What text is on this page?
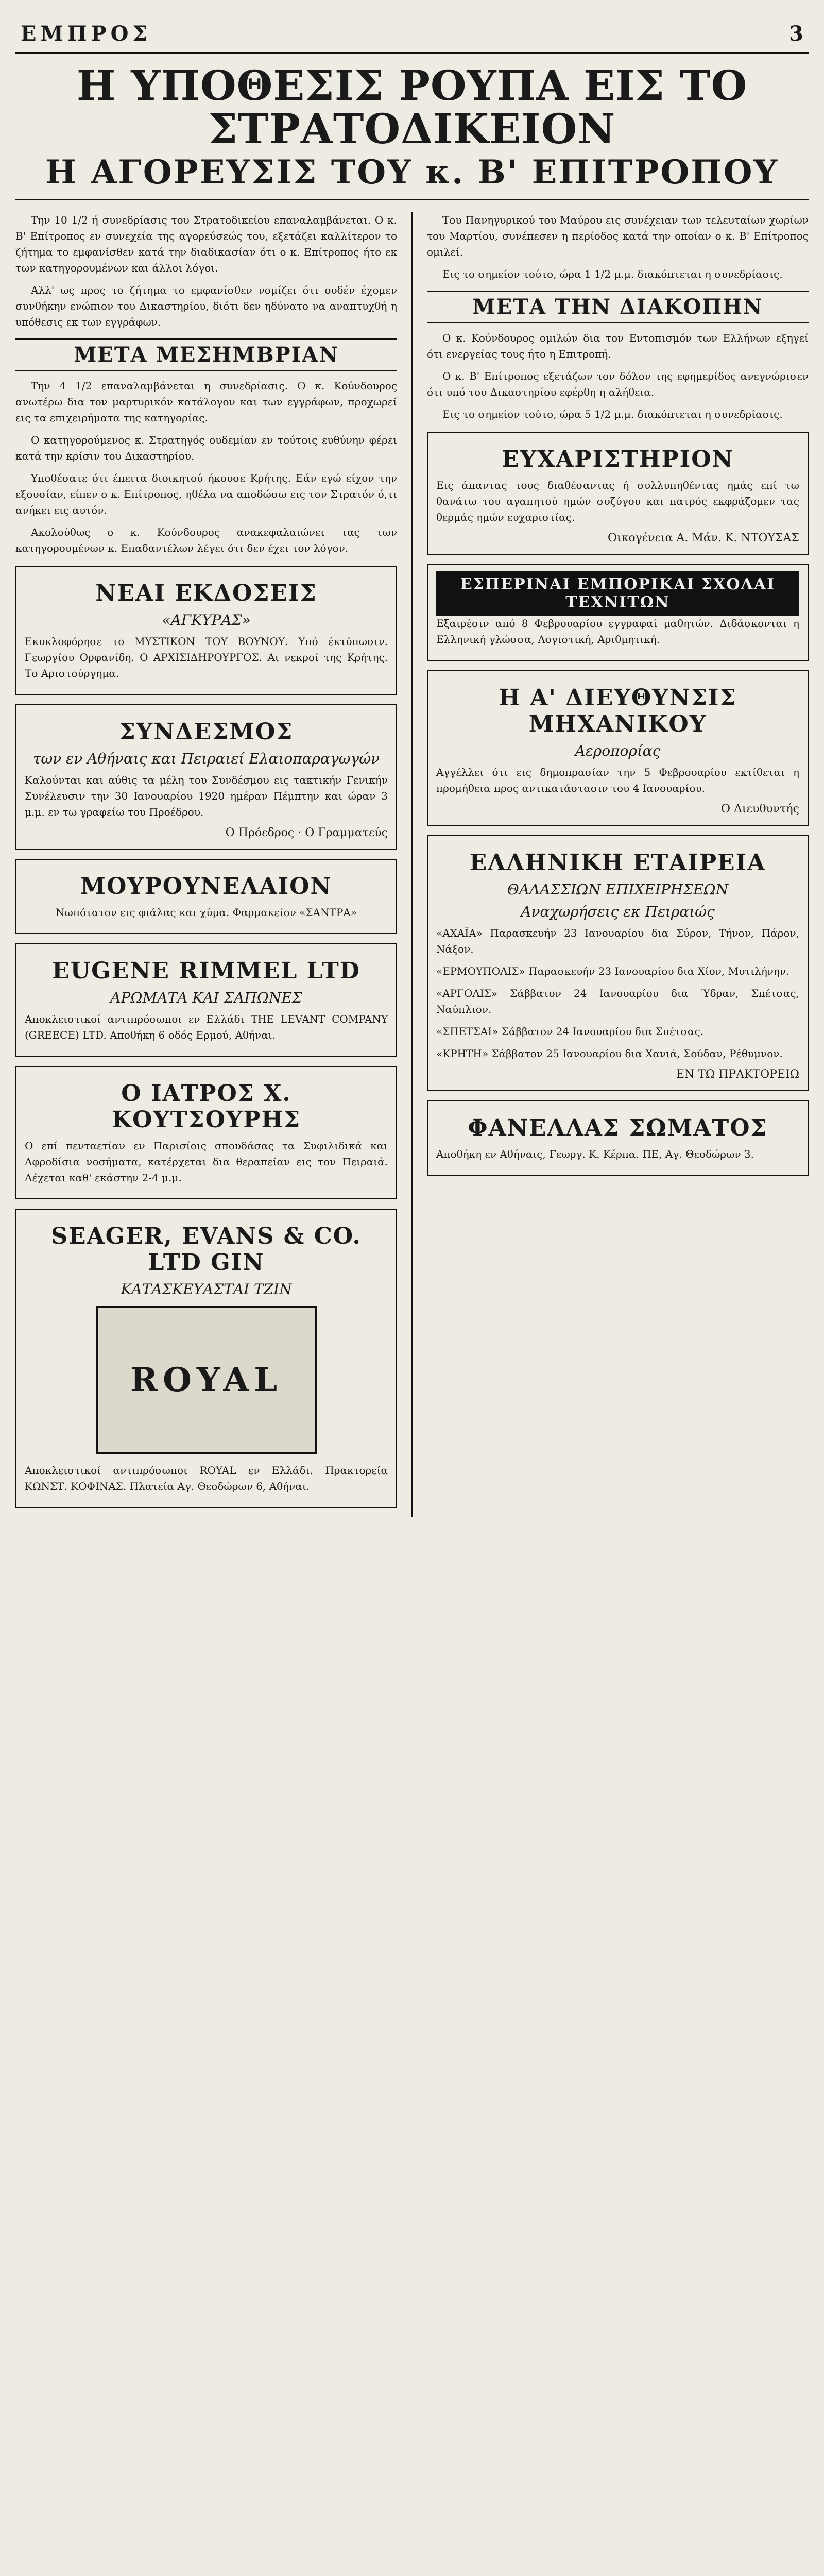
ΕΜΠΡΟΣ	3
Η ΥΠΟΘΕΣΙΣ ΡΟΥΠΑ ΕΙΣ ΤΟ ΣΤΡΑΤΟΔΙΚΕΙΟΝ
Η ΑΓΟΡΕΥΣΙΣ ΤΟΥ κ. Β' ΕΠΙΤΡΟΠΟΥ

Την 10 1/2 ή συνεδρίασις του Στρατοδικείου επαναλαμβάνεται. Ο κ. Β' Επίτροπος εν συνεχεία της αγορεύσεώς του, εξετάζει καλλίτερον το ζήτημα το εμφανίσθεν κατά την διαδικασίαν ότι ο κ. Επίτροπος ήτο εκ των κατηγορουμένων και άλλοι λόγοι.

Αλλ' ως προς το ζήτημα το εμφανίσθεν νομίζει ότι ουδέν έχομεν συνθήκην ενώπιον του Δικαστηρίου, διότι δεν ηδύνατο να αναπτυχθή η υπόθεσις εκ των εγγράφων.

ΜΕΤΑ ΜΕΣΗΜΒΡΙΑΝ

Την 4 1/2 επαναλαμβάνεται η συνεδρίασις. Ο κ. Κούνδουρος ανωτέρω δια τον μαρτυρικόν κατάλογον και των εγγράφων, προχωρεί εις τα επιχειρήματα της κατηγορίας.

Ο κατηγορούμενος κ. Στρατηγός ουδεμίαν εν τούτοις ευθύνην φέρει κατά την κρίσιν του Δικαστηρίου.

Υποθέσατε ότι έπειτα διοικητού ήκουσε Κρήτης. Εάν εγώ είχον την εξουσίαν, είπεν ο κ. Επίτροπος, ηθέλα να αποδώσω εις τον Στρατόν ό,τι ανήκει εις αυτόν.

Ακολούθως ο κ. Κούνδουρος ανακεφαλαιώνει τας των κατηγορουμένων κ. Επαδαντέλων λέγει ότι δεν έχει τον λόγον.

ΝΕΑΙ ΕΚΔΟΣΕΙΣ
«ΑΓΚΥΡΑΣ»

Εκυκλοφόρησε το ΜΥΣΤΙΚΟΝ ΤΟΥ ΒΟΥΝΟΥ. Υπό έκτύπωσιν. Γεωργίου Ορφανίδη. Ο ΑΡΧΙΣΙΔΗΡΟΥΡΓΟΣ. Αι νεκροί της Κρήτης. Το Αριστούργημα.

ΣΥΝΔΕΣΜΟΣ
των εν Αθήναις και Πειραιεί Ελαιοπαραγωγών

Καλούνται και αύθις τα μέλη του Συνδέσμου εις τακτικήν Γενικήν Συνέλευσιν την 30 Ιανουαρίου 1920 ημέραν Πέμπτην και ώραν 3 μ.μ. εν τω γραφείω του Προέδρου.

Ο Πρόεδρος · Ο Γραμματεύς
ΜΟΥΡΟΥΝΕΛΑΙΟΝ

Νωπότατον εις φιάλας και χύμα. Φαρμακείον «ΣΑΝΤΡΑ»

EUGENE RIMMEL LTD
ΑΡΩΜΑΤΑ ΚΑΙ ΣΑΠΩΝΕΣ

Αποκλειστικοί αντιπρόσωποι εν Ελλάδι THE LEVANT COMPANY (GREECE) LTD. Αποθήκη 6 οδός Ερμού, Αθήναι.

Ο ΙΑΤΡΟΣ Χ. ΚΟΥΤΣΟΥΡΗΣ

Ο επί πενταετίαν εν Παρισίοις σπουδάσας τα Συφιλιδικά και Αφροδίσια νοσήματα, κατέρχεται δια θεραπείαν εις τον Πειραιά. Δέχεται καθ' εκάστην 2-4 μ.μ.

SEAGER, EVANS & CO. LTD GIN
ΚΑΤΑΣΚΕΥΑΣΤΑΙ ΤΖΙΝ
ROYAL

Αποκλειστικοί αντιπρόσωποι ROYAL εν Ελλάδι. Πρακτορεία ΚΩΝΣΤ. ΚΟΦΙΝΑΣ. Πλατεία Αγ. Θεοδώρων 6, Αθήναι.

Του Πανηγυρικού του Μαύρου εις συνέχειαν των τελευταίων χωρίων του Μαρτίου, συνέπεσεν η περίοδος κατά την οποίαν ο κ. Β' Επίτροπος ομιλεί.

Εις το σημείον τούτο, ώρα 1 1/2 μ.μ. διακόπτεται η συνεδρίασις.

ΜΕΤΑ ΤΗΝ ΔΙΑΚΟΠΗΝ

Ο κ. Κούνδουρος ομιλών δια τον Εντοπισμόν των Ελλήνων εξηγεί ότι ενεργείας τους ήτο η Επιτροπή.

Ο κ. Β' Επίτροπος εξετάζων τον δόλον της εφημερίδος ανεγνώρισεν ότι υπό του Δικαστηρίου εφέρθη η αλήθεια.

Εις το σημείον τούτο, ώρα 5 1/2 μ.μ. διακόπτεται η συνεδρίασις.

ΕΥΧΑΡΙΣΤΗΡΙΟΝ

Εις άπαντας τους διαθέσαντας ή συλλυπηθέντας ημάς επί τω θανάτω του αγαπητού ημών συζύγου και πατρός εκφράζομεν τας θερμάς ημών ευχαριστίας.

Οικογένεια Α. Μάν. Κ. ΝΤΟΥΣΑΣ
ΕΣΠΕΡΙΝΑΙ ΕΜΠΟΡΙΚΑΙ ΣΧΟΛΑΙ ΤΕΧΝΙΤΩΝ

Εξαιρέσιν από 8 Φεβρουαρίου εγγραφαί μαθητών. Διδάσκονται η Ελληνική γλώσσα, Λογιστική, Αριθμητική.

Η Α' ΔΙΕΥΘΥΝΣΙΣ ΜΗΧΑΝΙΚΟΥ
Αεροπορίας

Αγγέλλει ότι εις δημοπρασίαν την 5 Φεβρουαρίου εκτίθεται η προμήθεια προς αντικατάστασιν του 4 Ιανουαρίου.

Ο Διευθυντής
ΕΛΛΗΝΙΚΗ ΕΤΑΙΡΕΙΑ
ΘΑΛΑΣΣΙΩΝ ΕΠΙΧΕΙΡΗΣΕΩΝ
Αναχωρήσεις εκ Πειραιώς

«ΑΧΑΪΑ» Παρασκευήν 23 Ιανουαρίου δια Σύρον, Τήνον, Πάρον, Νάξον.

«ΕΡΜΟΥΠΟΛΙΣ» Παρασκευήν 23 Ιανουαρίου δια Χίον, Μυτιλήνην.

«ΑΡΓΟΛΙΣ» Σάββατον 24 Ιανουαρίου δια Ύδραν, Σπέτσας, Ναύπλιον.

«ΣΠΕΤΣΑΙ» Σάββατον 24 Ιανουαρίου δια Σπέτσας.

«ΚΡΗΤΗ» Σάββατον 25 Ιανουαρίου δια Χανιά, Σούδαν, Ρέθυμνον.

ΕΝ ΤΩ ΠΡΑΚΤΟΡΕΙΩ
ΦΑΝΕΛΛΑΣ ΣΩΜΑΤΟΣ

Αποθήκη εν Αθήναις, Γεωργ. Κ. Κέρπα. ΠΕ, Αγ. Θεοδώρων 3.
